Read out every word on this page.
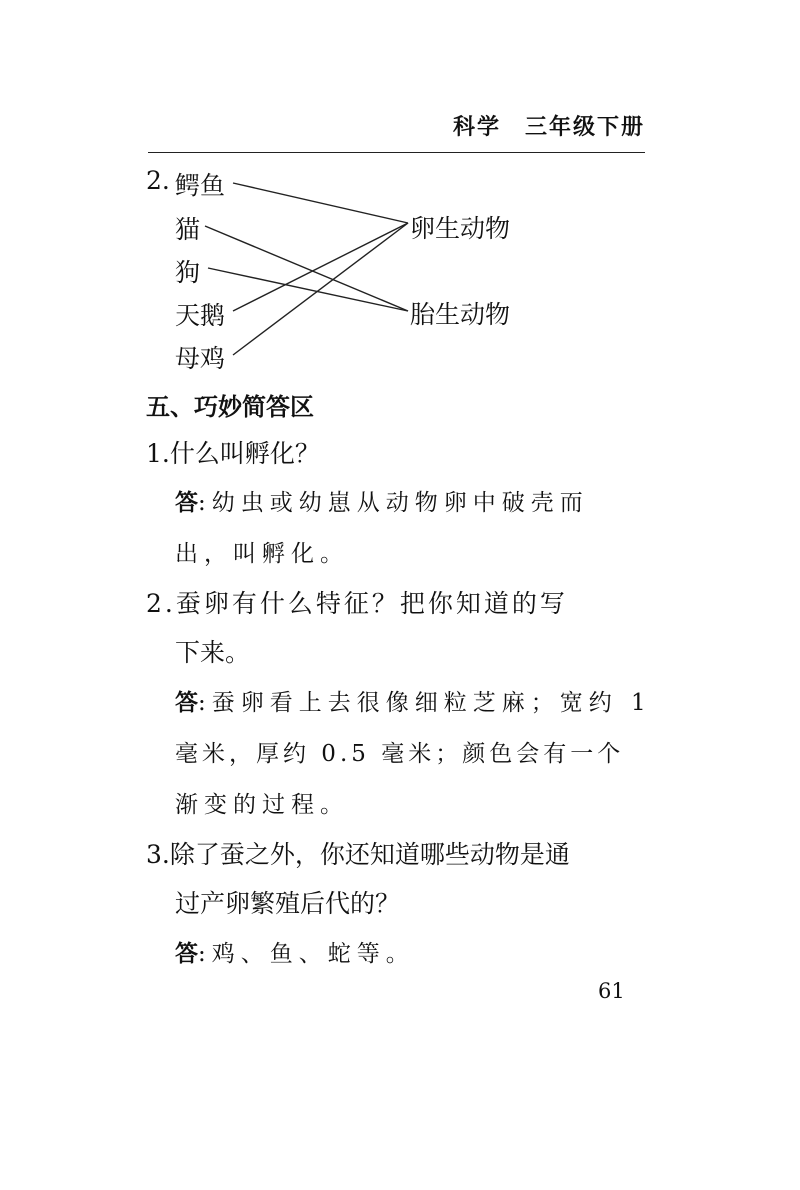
科学　三年级下册
2. 鳄鱼
猫
狗
天鹅
母鸡
卵生动物
胎生动物
五、巧妙简答区
1.什么叫孵化？
答:幼虫或幼崽从动物卵中破壳而
出，叫孵化。
2.蚕卵有什么特征？把你知道的写
下来。
答:蚕卵看上去很像细粒芝麻；宽约 1
毫米，厚约 0.5 毫米；颜色会有一个
渐变的过程。
3.除了蚕之外，你还知道哪些动物是通
过产卵繁殖后代的？
答:鸡、鱼、蛇等。
61
